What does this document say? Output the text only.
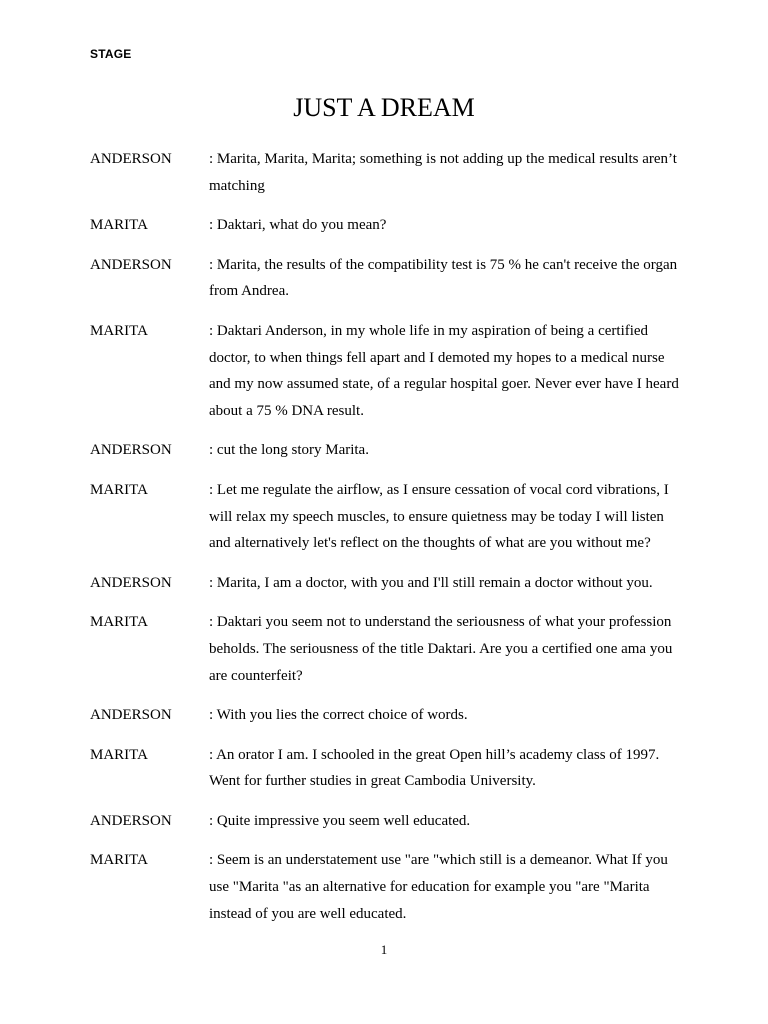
STAGE
JUST A DREAM
ANDERSON	: Marita, Marita, Marita; something is not adding up the medical results aren’t matching
MARITA	: Daktari, what do you mean?
ANDERSON	: Marita, the results of the compatibility test is 75 % he can't receive the organ from Andrea.
MARITA	: Daktari Anderson, in my whole life in my aspiration of being a certified doctor, to when things fell apart and I demoted my hopes to a medical nurse and my now assumed state, of a regular hospital goer. Never ever have I heard about a 75 % DNA result.
ANDERSON	: cut the long story Marita.
MARITA	: Let me regulate the airflow, as I ensure cessation of vocal cord vibrations, I will relax my speech muscles, to ensure quietness may be today I will listen and alternatively let's reflect on the thoughts of what are you without me?
ANDERSON	: Marita, I am a doctor, with you and I'll still remain a doctor without you.
MARITA	: Daktari you seem not to understand the seriousness of what your profession beholds. The seriousness of the title Daktari. Are you a certified one ama you are counterfeit?
ANDERSON	: With you lies the correct choice of words.
MARITA	: An orator I am. I schooled in the great Open hill’s academy class of 1997. Went for further studies in great Cambodia University.
ANDERSON	: Quite impressive you seem well educated.
MARITA	: Seem is an understatement use "are "which still is a demeanor. What If you use "Marita "as an alternative for education for example you "are "Marita instead of you are well educated.
1
